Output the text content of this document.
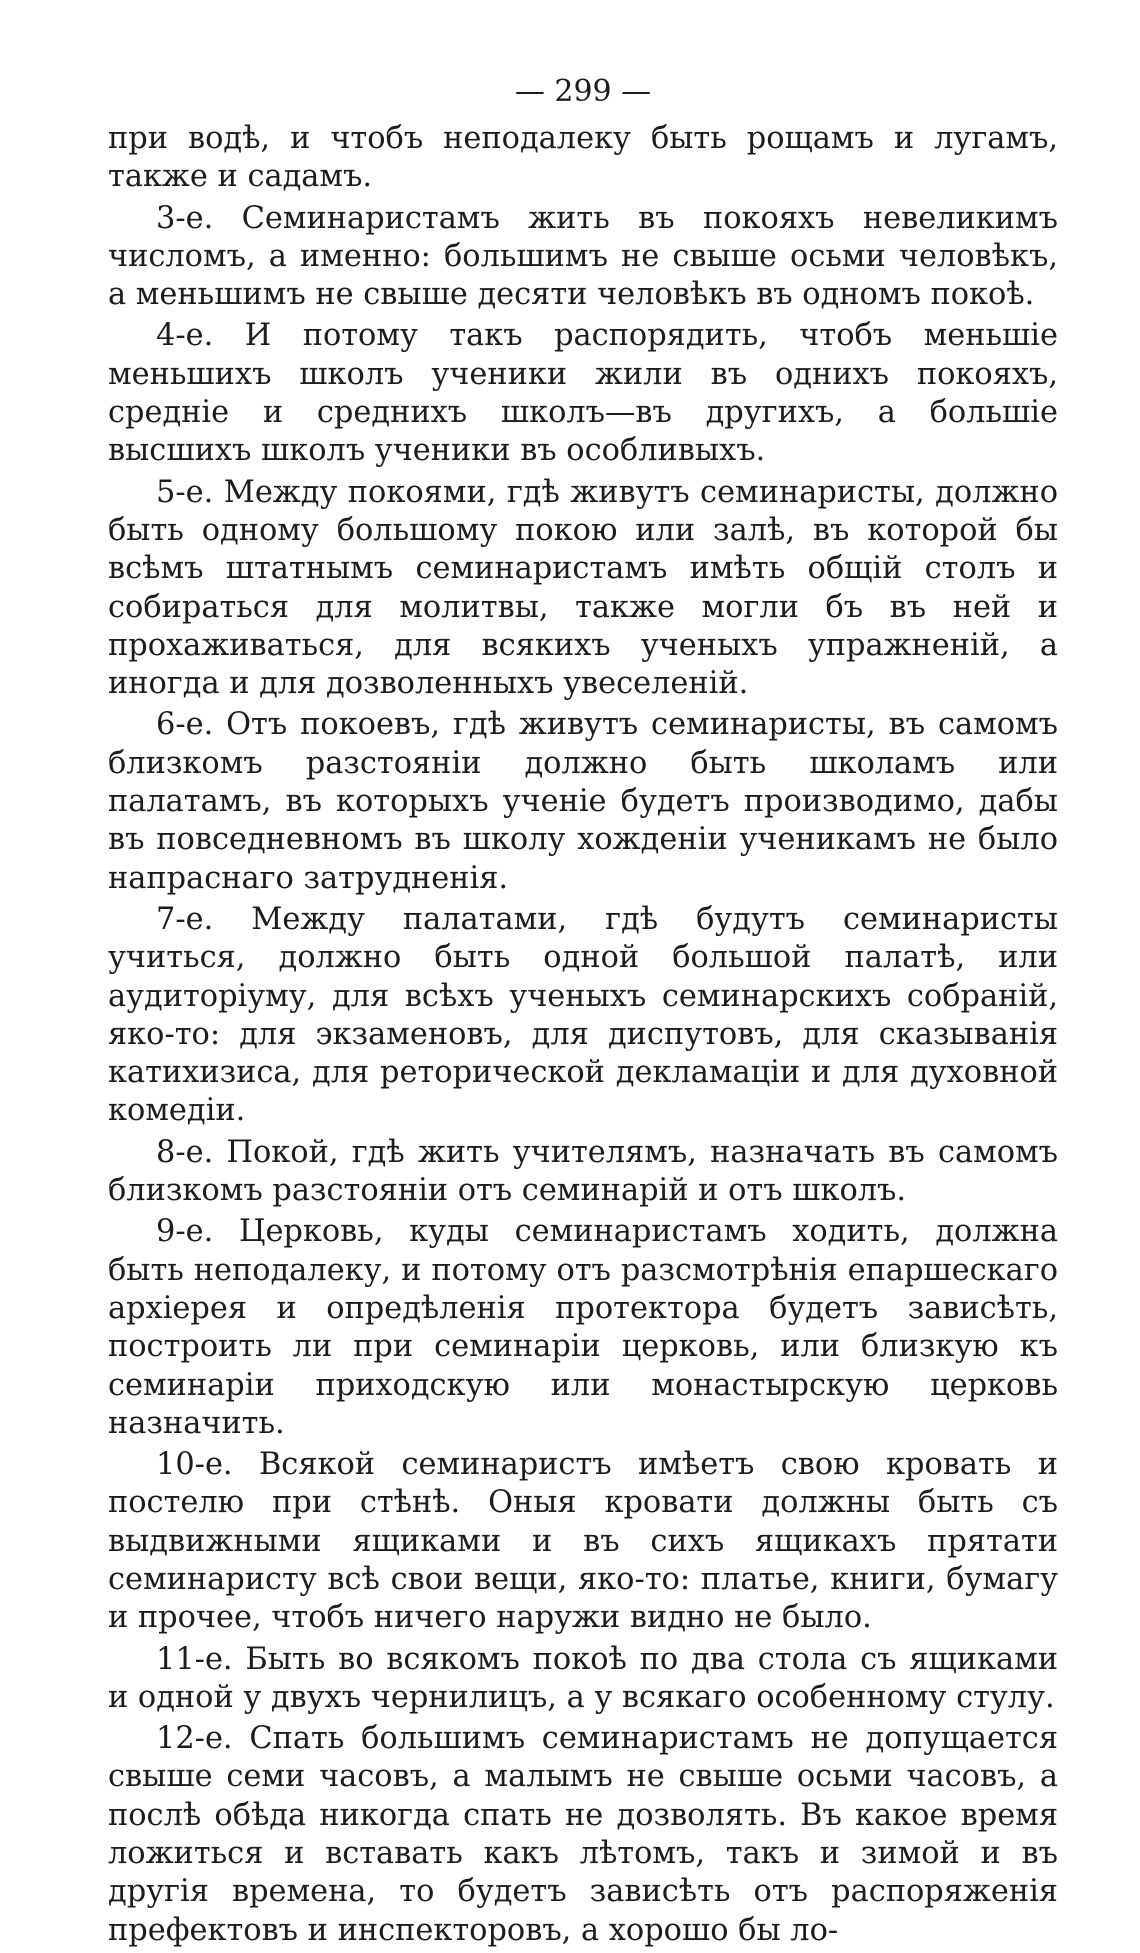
— 299 —

при водѣ, и чтобъ неподалеку быть рощамъ и лугамъ, также и садамъ.

3-е. Семинаристамъ жить въ покояхъ невеликимъ числомъ, а именно: большимъ не свыше осьми человѣкъ, а меньшимъ не свыше десяти человѣкъ въ одномъ покоѣ.

4-е. И потому такъ распорядить, чтобъ меньшіе меньшихъ школъ ученики жили въ однихъ покояхъ, средніе и среднихъ школъ—въ другихъ, а большіе высшихъ школъ ученики въ особливыхъ.

5-е. Между покоями, гдѣ живутъ семинаристы, должно быть одному большому покою или залѣ, въ которой бы всѣмъ штатнымъ семинаристамъ имѣть общій столъ и собираться для молитвы, также могли бъ въ ней и прохаживаться, для всякихъ ученыхъ упражненій, а иногда и для дозволенныхъ увеселеній.

6-е. Отъ покоевъ, гдѣ живутъ семинаристы, въ самомъ близкомъ разстояніи должно быть школамъ или палатамъ, въ которыхъ ученіе будетъ производимо, дабы въ повседневномъ въ школу хожденіи ученикамъ не было напраснаго затрудненія.

7-е. Между палатами, гдѣ будутъ семинаристы учиться, должно быть одной большой палатѣ, или аудиторіуму, для всѣхъ ученыхъ семинарскихъ собраній, яко-то: для экзаменовъ, для диспутовъ, для сказыванія катихизиса, для реторической декламаціи и для духовной комедіи.

8-е. Покой, гдѣ жить учителямъ, назначать въ самомъ близкомъ разстояніи отъ семинарій и отъ школъ.

9-е. Церковь, куды семинаристамъ ходить, должна быть неподалеку, и потому отъ разсмотрѣнія епаршескаго архіерея и опредѣленія протектора будетъ зависѣть, построить ли при семинаріи церковь, или близкую къ семинаріи приходскую или монастырскую церковь назначить.

10-е. Всякой семинаристъ имѣетъ свою кровать и постелю при стѣнѣ. Оныя кровати должны быть съ выдвижными ящиками и въ сихъ ящикахъ прятати семинаристу всѣ свои вещи, яко-то: платье, книги, бумагу и прочее, чтобъ ничего наружи видно не было.

11-е. Быть во всякомъ покоѣ по два стола съ ящиками и одной у двухъ чернилицъ, а у всякаго особенному стулу.

12-е. Спать большимъ семинаристамъ не допущается свыше семи часовъ, а малымъ не свыше осьми часовъ, а послѣ обѣда никогда спать не дозволять. Въ какое время ложиться и вставать какъ лѣтомъ, такъ и зимой и въ другія времена, то будетъ зависѣть отъ распоряженія префектовъ и инспекторовъ, а хорошо бы ло-
